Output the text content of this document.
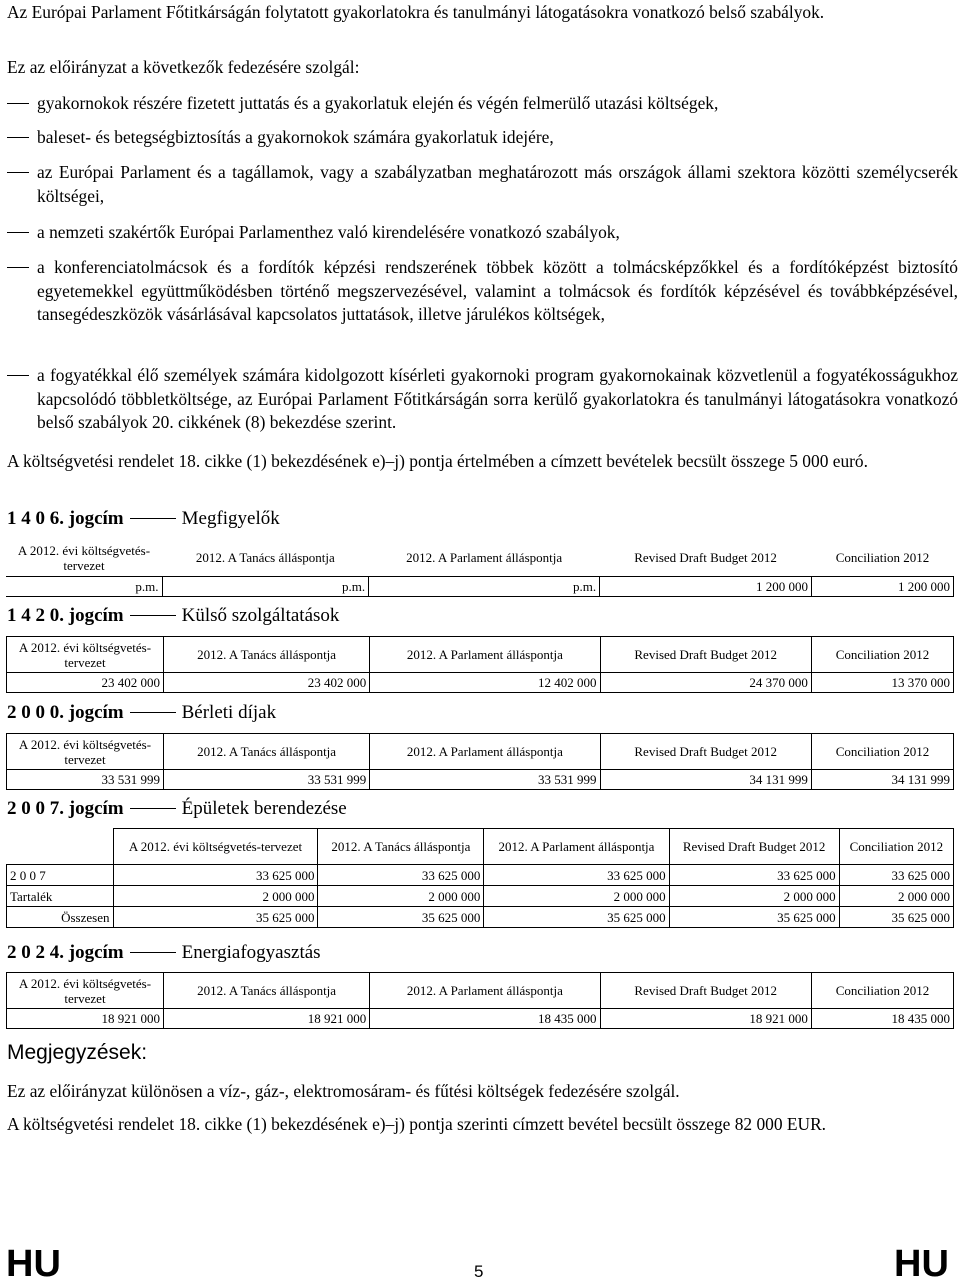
Az Európai Parlament Főtitkárságán folytatott gyakorlatokra és tanulmányi látogatásokra vonatkozó belső szabályok.
Ez az előirányzat a következők fedezésére szolgál:
gyakornokok részére fizetett juttatás és a gyakorlatuk elején és végén felmerülő utazási költségek,
baleset- és betegségbiztosítás a gyakornokok számára gyakorlatuk idejére,
az Európai Parlament és a tagállamok, vagy a szabályzatban meghatározott más országok állami szektora közötti személycserék költségei,
a nemzeti szakértők Európai Parlamenthez való kirendelésére vonatkozó szabályok,
a konferenciatolmácsok és a fordítók képzési rendszerének többek között a tolmácsképzőkkel és a fordítóképzést biztosító egyetemekkel együttműködésben történő megszervezésével, valamint a tolmácsok és fordítók képzésével és továbbképzésével, tansegédeszközök vásárlásával kapcsolatos juttatások, illetve járulékos költségek,
a fogyatékkal élő személyek számára kidolgozott kísérleti gyakornoki program gyakornokainak közvetlenül a fogyatékosságukhoz kapcsolódó többletköltsége, az Európai Parlament Főtitkárságán sorra kerülő gyakorlatokra és tanulmányi látogatásokra vonatkozó belső szabályok 20. cikkének (8) bekezdése szerint.
A költségvetési rendelet 18. cikke (1) bekezdésének e)–j) pontja értelmében a címzett bevételek becsült összege 5 000 euró.
1 4 0 6. jogcím	Megfigyelők
A 2012. évi költségvetés-tervezet	2012. A Tanács álláspontja	2012. A Parlament álláspontja	Revised Draft Budget 2012	Conciliation 2012
p.m.	p.m.	p.m.	1 200 000	1 200 000
1 4 2 0. jogcím	Külső szolgáltatások
A 2012. évi költségvetés-tervezet	2012. A Tanács álláspontja	2012. A Parlament álláspontja	Revised Draft Budget 2012	Conciliation 2012
23 402 000	23 402 000	12 402 000	24 370 000	13 370 000
2 0 0 0. jogcím	Bérleti díjak
A 2012. évi költségvetés-tervezet	2012. A Tanács álláspontja	2012. A Parlament álláspontja	Revised Draft Budget 2012	Conciliation 2012
33 531 999	33 531 999	33 531 999	34 131 999	34 131 999
2 0 0 7. jogcím	Épületek berendezése
	A 2012. évi költségvetés-tervezet	2012. A Tanács álláspontja	2012. A Parlament álláspontja	Revised Draft Budget 2012	Conciliation 2012
2 0 0 7	33 625 000	33 625 000	33 625 000	33 625 000	33 625 000
Tartalék	2 000 000	2 000 000	2 000 000	2 000 000	2 000 000
Összesen	35 625 000	35 625 000	35 625 000	35 625 000	35 625 000
2 0 2 4. jogcím	Energiafogyasztás
A 2012. évi költségvetés-tervezet	2012. A Tanács álláspontja	2012. A Parlament álláspontja	Revised Draft Budget 2012	Conciliation 2012
18 921 000	18 921 000	18 435 000	18 921 000	18 435 000
Megjegyzések:
Ez az előirányzat különösen a víz-, gáz-, elektromosáram- és fűtési költségek fedezésére szolgál.
A költségvetési rendelet 18. cikke (1) bekezdésének e)–j) pontja szerinti címzett bevétel becsült összege 82 000 EUR.
HU	5	HU
